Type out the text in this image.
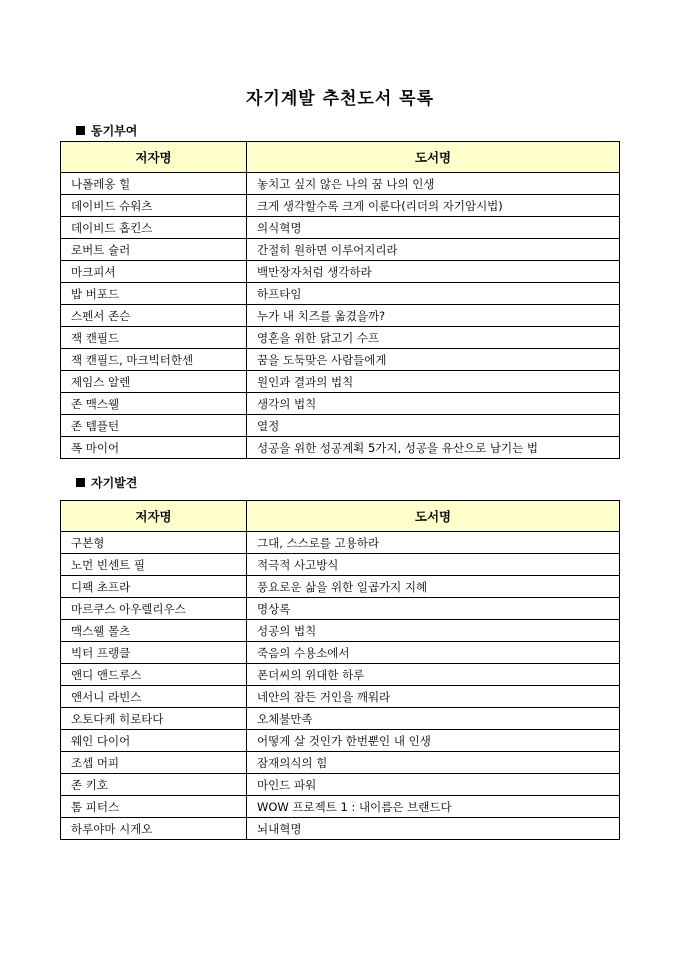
자기계발 추천도서 목록
동기부여
저자명	도서명
나폴레옹 힐	놓치고 싶지 않은 나의 꿈 나의 인생
데이비드 슈워츠	크게 생각할수록 크게 이룬다(리더의 자기암시법)
데이비드 홉킨스	의식혁명
로버트 슐러	간절히 원하면 이루어지리라
마크피셔	백만장자처럼 생각하라
밥 버포드	하프타임
스펜서 존슨	누가 내 치즈를 옮겼을까?
잭 캔필드	영혼을 위한 닭고기 수프
잭 캔필드, 마크빅터한센	꿈을 도둑맞은 사람들에게
제임스 알렌	원인과 결과의 법칙
존 맥스웰	생각의 법칙
존 템플턴	열정
폭 마이어	성공을 위한 성공계획 5가지, 성공을 유산으로 남기는 법
자기발견
저자명	도서명
구본형	그대, 스스로를 고용하라
노먼 빈센트 필	적극적 사고방식
디팩 초프라	풍요로운 삶을 위한 일곱가지 지혜
마르쿠스 아우렐리우스	명상록
맥스웰 몰츠	성공의 법칙
빅터 프랭클	죽음의 수용소에서
앤디 앤드루스	폰더씨의 위대한 하루
앤서니 라빈스	네안의 잠든 거인을 깨워라
오토다케 히로타다	오체불만족
웨인 다이어	어떻게 살 것인가 한번뿐인 내 인생
조셉 머피	잠재의식의 힘
존 키호	마인드 파워
톰 피터스	WOW 프로젝트 1 : 내이름은 브랜드다
하루야마 시게오	뇌내혁명
